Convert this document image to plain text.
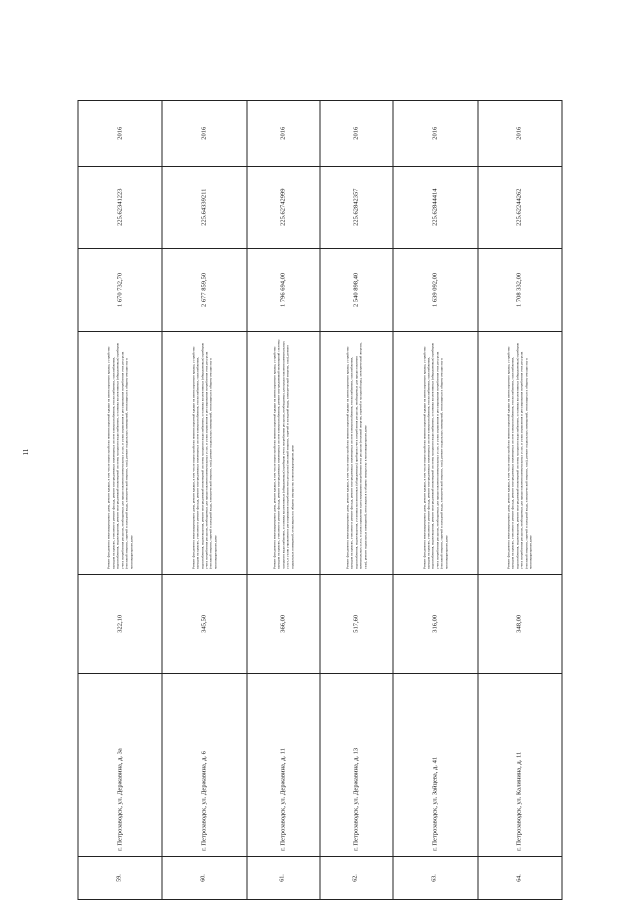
11
59.	г. Петрозаводск, ул. Державина, д. 3а	322,10	Ремонт фундамента многоквартирного дома, ремонт крыши, в том числе переустройство невентилируемой крыши на вентилируемую крышу, устройство выходов на кровлю, утепление и ремонт фасада, ремонт внутридомовых инженерных систем электроснабжения, теплоснабжения, газоснабжения, водоснабжения, водоотведения, ремонт внутридомовой инженерной системы холодного водоснабжения, установка коллективных (общедомовых) приборов учета потребления ресурсов, необходимых для предоставления коммунальных услуг, и узлов управления и регулирования потребления этих ресурсов (тепловой энергии, горячей и холодной воды, электрической энергии, газа), ремонт подвальных помещений, относящихся к общему имуществу в многоквартирном доме	1 670 732,70	225.62341223	2016
60.	г. Петрозаводск, ул. Державина, д. 6	345,50	Ремонт фундамента многоквартирного дома, ремонт крыши, в том числе переустройство невентилируемой крыши на вентилируемую крышу, устройство выходов на кровлю, утепление и ремонт фасада, ремонт внутридомовых инженерных систем электроснабжения, теплоснабжения, газоснабжения, водоснабжения, водоотведения, ремонт внутридомовой инженерной системы холодного водоснабжения, установка коллективных (общедомовых) приборов учета потребления ресурсов, необходимых для предоставления коммунальных услуг, и узлов управления и регулирования потребления этих ресурсов (тепловой энергии, горячей и холодной воды, электрической энергии, газа), ремонт подвальных помещений, относящихся к общему имуществу в многоквартирном доме	2 677 859,50	225.64339211	2016
61.	г. Петрозаводск, ул. Державина, д. 11	366,00	Ремонт фундамента многоквартирного дома, ремонт крыши, в том числе переустройство невентилируемой крыши на вентилируемую крышу, устройство выходов на кровлю, утепление и ремонт фасада, ремонт внутридомовых инженерных систем электроснабжения, ремонт внутридомовой инженерной системы холодного водоснабжения, установка коллективных (общедомовых) приборов учета потребления ресурсов, необходимых для предоставления коммунальных услуг, и узлов управления и регулирования потребления этих ресурсов (тепловой энергии, горячей и холодной воды, электрической энергии, газа), ремонт подвальных помещений, относящихся к общему имуществу в многоквартирном доме	1 796 694,00	225.62742999	2016
62.	г. Петрозаводск, ул. Державина, д. 13	517,60	Ремонт фундамента многоквартирного дома, ремонт крыши, в том числе переустройство невентилируемой крыши на вентилируемую крышу, устройство выходов на кровлю, утепление и ремонт фасада, ремонт внутридомовых инженерных систем электроснабжения, теплоснабжения, газоснабжения, водоснабжения, водоотведения, установка коллективных (общедомовых) приборов учета потребления ресурсов, необходимых для предоставления коммунальных услуг, и узлов управления и регулирования потребления этих ресурсов (тепловой энергии, горячей и холодной воды, электрической энергии, газа), ремонт подвальных помещений, относящихся к общему имуществу в многоквартирном доме	2 540 898,40	225.62842357	2016
63.	г. Петрозаводск, ул. Зайцева, д. 41	316,00	Ремонт фундамента многоквартирного дома, ремонт крыши, в том числе переустройство невентилируемой крыши на вентилируемую крышу, устройство выходов на кровлю, утепление и ремонт фасада, ремонт внутридомовых инженерных систем электроснабжения, теплоснабжения, газоснабжения, водоснабжения, водоотведения, ремонт внутридомовой инженерной системы холодного водоснабжения, установка коллективных (общедомовых) приборов учета потребления ресурсов, необходимых для предоставления коммунальных услуг, и узлов управления и регулирования потребления этих ресурсов (тепловой энергии, горячей и холодной воды, электрической энергии, газа), ремонт подвальных помещений, относящихся к общему имуществу в многоквартирном доме	1 639 092,00	225.62844414	2016
64.	г. Петрозаводск, ул. Калинина, д. 11	348,00	Ремонт фундамента многоквартирного дома, ремонт крыши, в том числе переустройство невентилируемой крыши на вентилируемую крышу, устройство выходов на кровлю, утепление и ремонт фасада, ремонт внутридомовых инженерных систем электроснабжения, теплоснабжения, газоснабжения, водоснабжения, водоотведения, ремонт внутридомовой инженерной системы холодного водоснабжения, установка коллективных (общедомовых) приборов учета потребления ресурсов, необходимых для предоставления коммунальных услуг, и узлов управления и регулирования потребления этих ресурсов (тепловой энергии, горячей и холодной воды, электрической энергии, газа), ремонт подвальных помещений, относящихся к общему имуществу в многоквартирном доме	1 708 332,00	225.62244262	2016
